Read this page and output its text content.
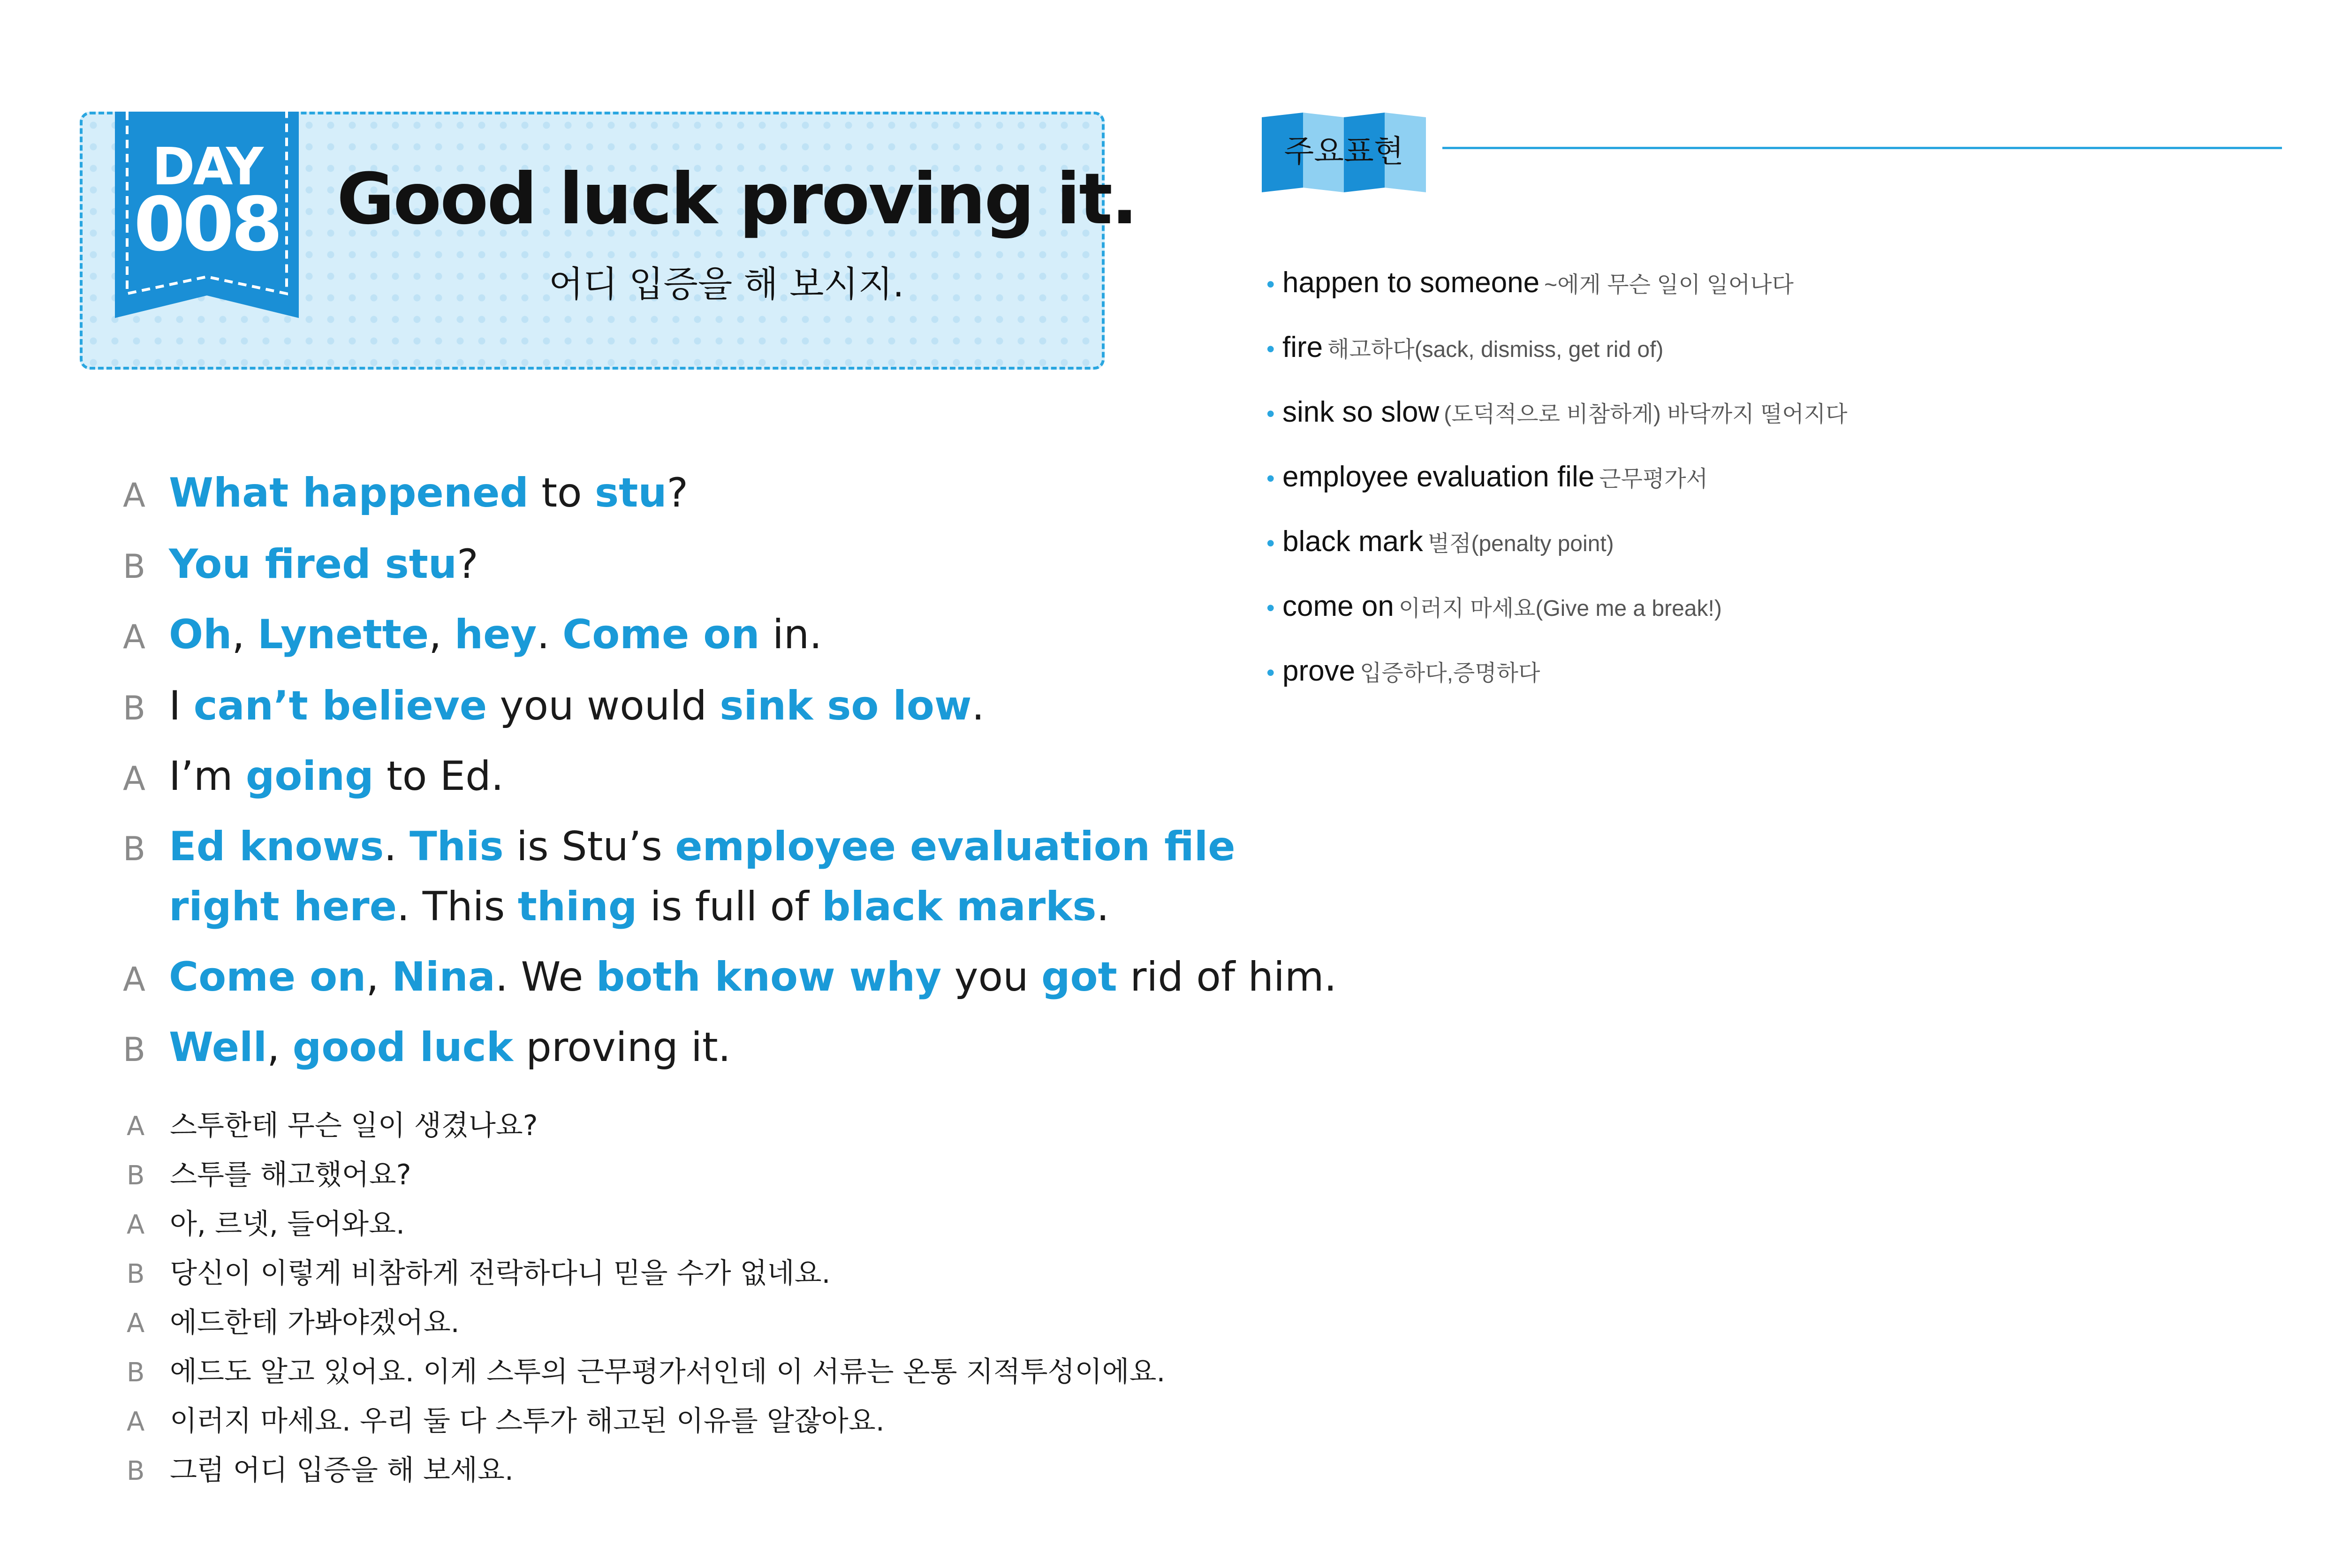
DAY
008 Good luck proving it.
어디 입증을 해 보시지.
A What happened to stu?
B You fired stu?
A Oh, Lynette, hey. Come on in.
B I can’t believe you would sink so low.
A I’m going to Ed.
B Ed knows. This is Stu’s employee evaluation file
right here. This thing is full of black marks.
A Come on, Nina. We both know why you got rid of him.
B Well, good luck proving it.
A 스투한테 무슨 일이 생겼나요?
B 스투를 해고했어요?
A 아, 르넷, 들어와요.
B 당신이 이렇게 비참하게 전락하다니 믿을 수가 없네요.
A 에드한테 가봐야겠어요.
B 에드도 알고 있어요. 이게 스투의 근무평가서인데 이 서류는 온통 지적투성이에요.
A 이러지 마세요. 우리 둘 다 스투가 해고된 이유를 알잖아요.
B 그럼 어디 입증을 해 보세요.
주요표현
• happen to someone ~에게 무슨 일이 일어나다
• fire 해고하다(sack, dismiss, get rid of)
• sink so slow (도덕적으로 비참하게) 바닥까지 떨어지다
• employee evaluation file 근무평가서
• black mark 벌점(penalty point)
• come on 이러지 마세요(Give me a break!)
• prove 입증하다,증명하다
